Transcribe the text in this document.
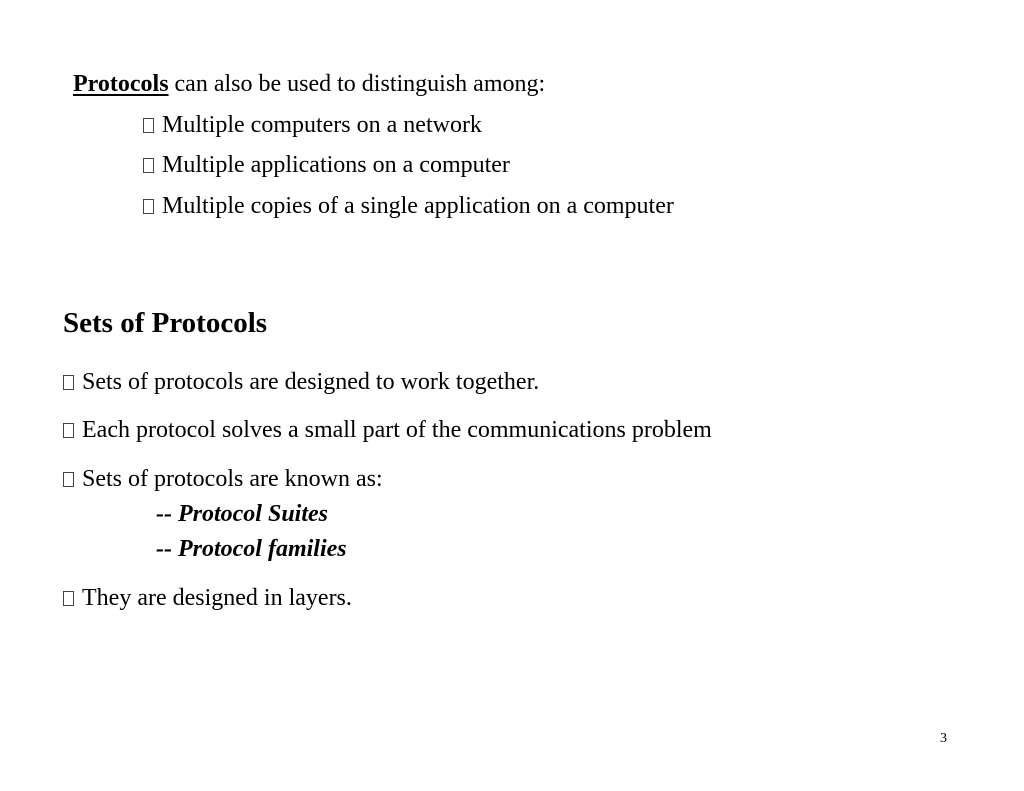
Protocols can also be used to distinguish among:
Multiple computers on a network
Multiple applications on a computer
Multiple copies of a single application on a computer
Sets of Protocols
Sets of protocols are designed to work together.
Each protocol solves a small part of the communications problem
Sets of protocols are known as:
-- Protocol Suites
-- Protocol families
They are designed in layers.
3
